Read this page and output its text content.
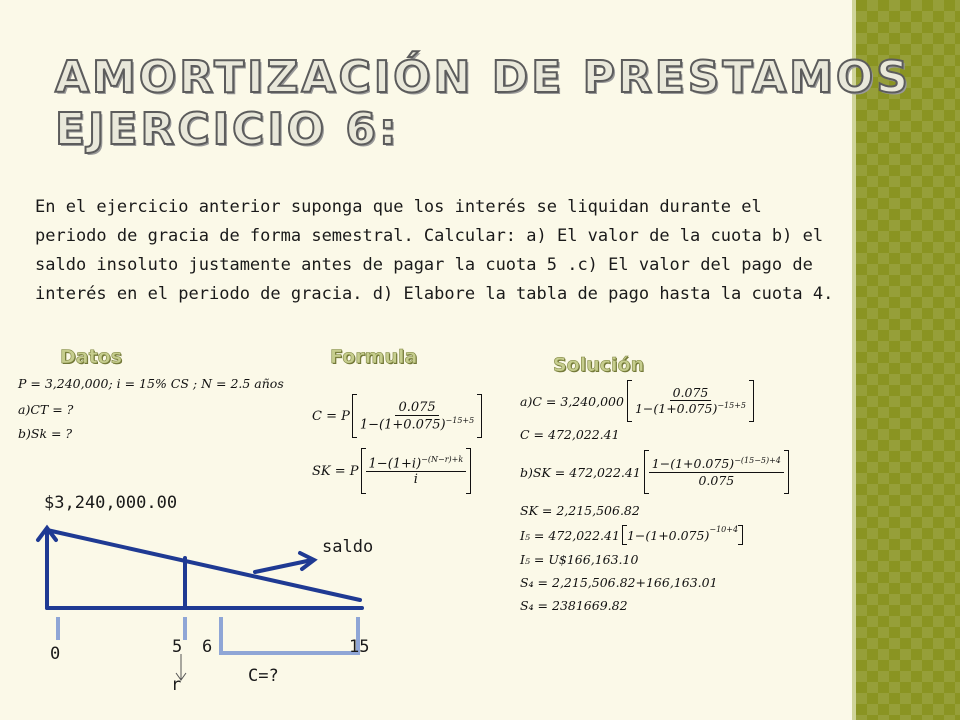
AMORTIZACIÓN DE PRESTAMOS
EJERCICIO 6:

En el ejercicio anterior suponga que los interés se liquidan durante el periodo de gracia de forma semestral. Calcular: a) El valor de la cuota b) el saldo insoluto justamente antes de pagar la cuota 5 .c) El valor del pago de interés en el periodo de gracia. d) Elabore la tabla de pago hasta la cuota 4.

Datos	Formula	Solución
P = 3,240,000; i = 15% CS ; N = 2.5 años
a)CT = ?
b)Sk = ?
C = P $\frac{0.075}{1-(1+0.075)^{-15+5}}$
SK = P $\frac{1-(1+i)^{-(N-r)+k}}{i}$
$a)C = 3,240,000 \frac{0.075}{1-(1+0.075)^{-15+5}}$
C = 472,022.41
$b)SK = 472,022.41 \frac{1-(1+0.075)^{-(15-5)+4}}{0.075}$
SK = 2,215,506.82
I₅ = 472,022.41 $1-(1+0.075)^{-10+4}$
I₅ = U$166,163.10
S₄ = 2,215,506.82+166,163.01
S₄ = 2381669.82
$3,240,000.00
saldo
0	5 6	15
r	C=?
